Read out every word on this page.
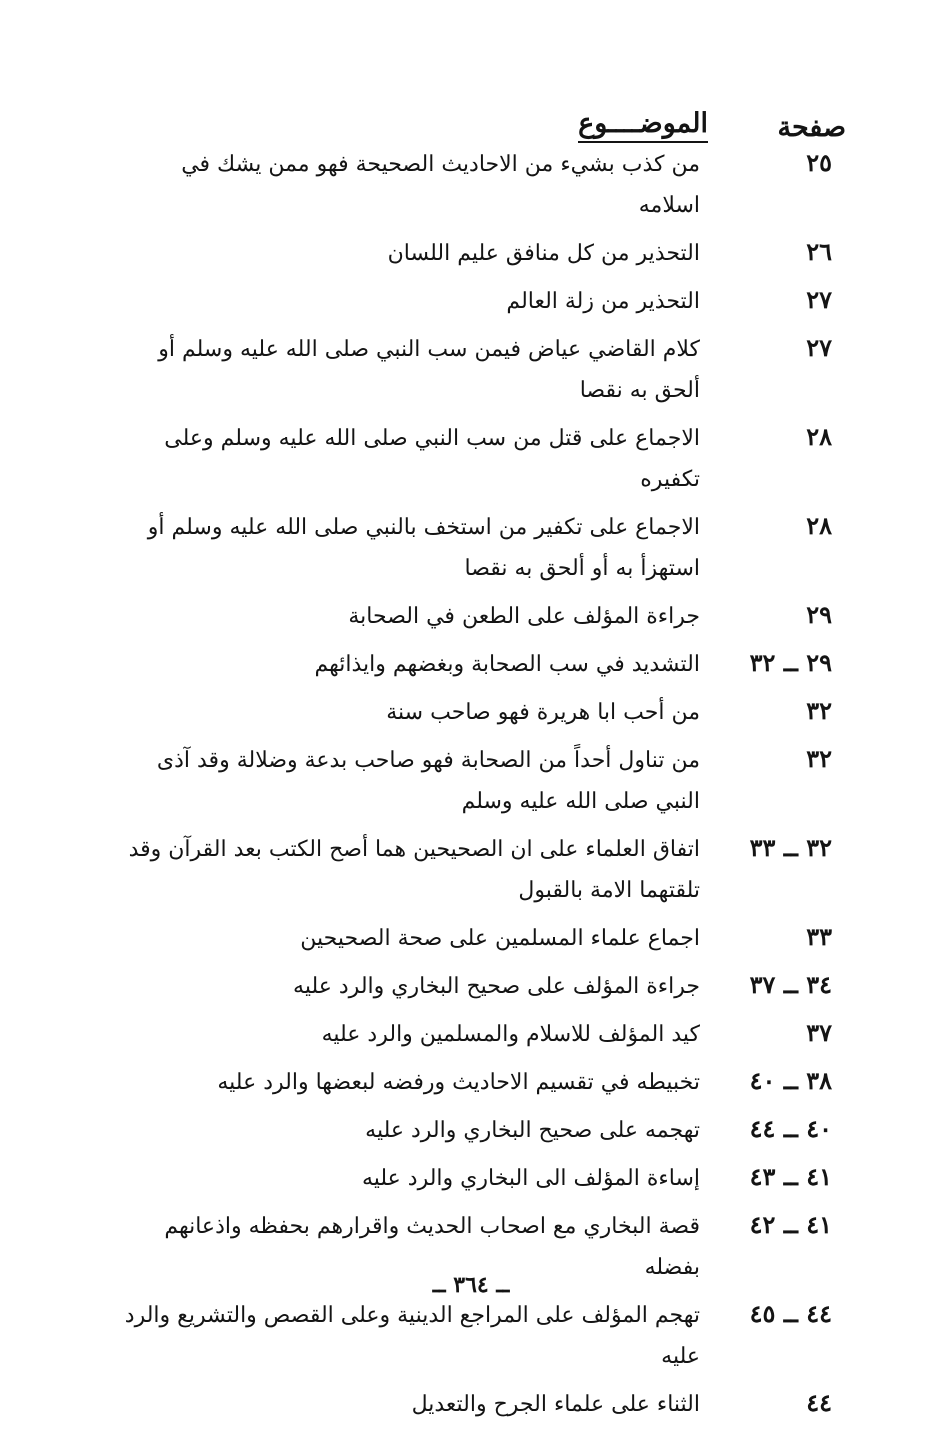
صفحة
الموضــــوع
٢٥
من كذب بشيء من الاحاديث الصحيحة فهو ممن يشك في اسلامه
٢٦
التحذير من كل منافق عليم اللسان
٢٧
التحذير من زلة العالم
٢٧
كلام القاضي عياض فيمن سب النبي صلى الله عليه وسلم أو ألحق به نقصا
٢٨
الاجماع على قتل من سب النبي صلى الله عليه وسلم وعلى تكفيره
٢٨
الاجماع على تكفير من استخف بالنبي صلى الله عليه وسلم أو استهزأ به أو ألحق به نقصا
٢٩
جراءة المؤلف على الطعن في الصحابة
٢٩ ــ ٣٢
التشديد في سب الصحابة وبغضهم وايذائهم
٣٢
من أحب ابا هريرة فهو صاحب سنة
٣٢
من تناول أحداً من الصحابة فهو صاحب بدعة وضلالة وقد آذى النبي صلى الله عليه وسلم
٣٢ ــ ٣٣
اتفاق العلماء على ان الصحيحين هما أصح الكتب بعد القرآن وقد تلقتهما الامة بالقبول
٣٣
اجماع علماء المسلمين على صحة الصحيحين
٣٤ ــ ٣٧
جراءة المؤلف على صحيح البخاري والرد عليه
٣٧
كيد المؤلف للاسلام والمسلمين والرد عليه
٣٨ ــ ٤٠
تخبيطه في تقسيم الاحاديث ورفضه لبعضها والرد عليه
٤٠ ــ ٤٤
تهجمه على صحيح البخاري والرد عليه
٤١ ــ ٤٣
إساءة المؤلف الى البخاري والرد عليه
٤١ ــ ٤٢
قصة البخاري مع اصحاب الحديث واقرارهم بحفظه واذعانهم بفضله
٤٤ ــ ٤٥
تهجم المؤلف على المراجع الدينية وعلى القصص والتشريع والرد عليه
٤٤
الثناء على علماء الجرح والتعديل
ــ ٣٦٤ ــ
